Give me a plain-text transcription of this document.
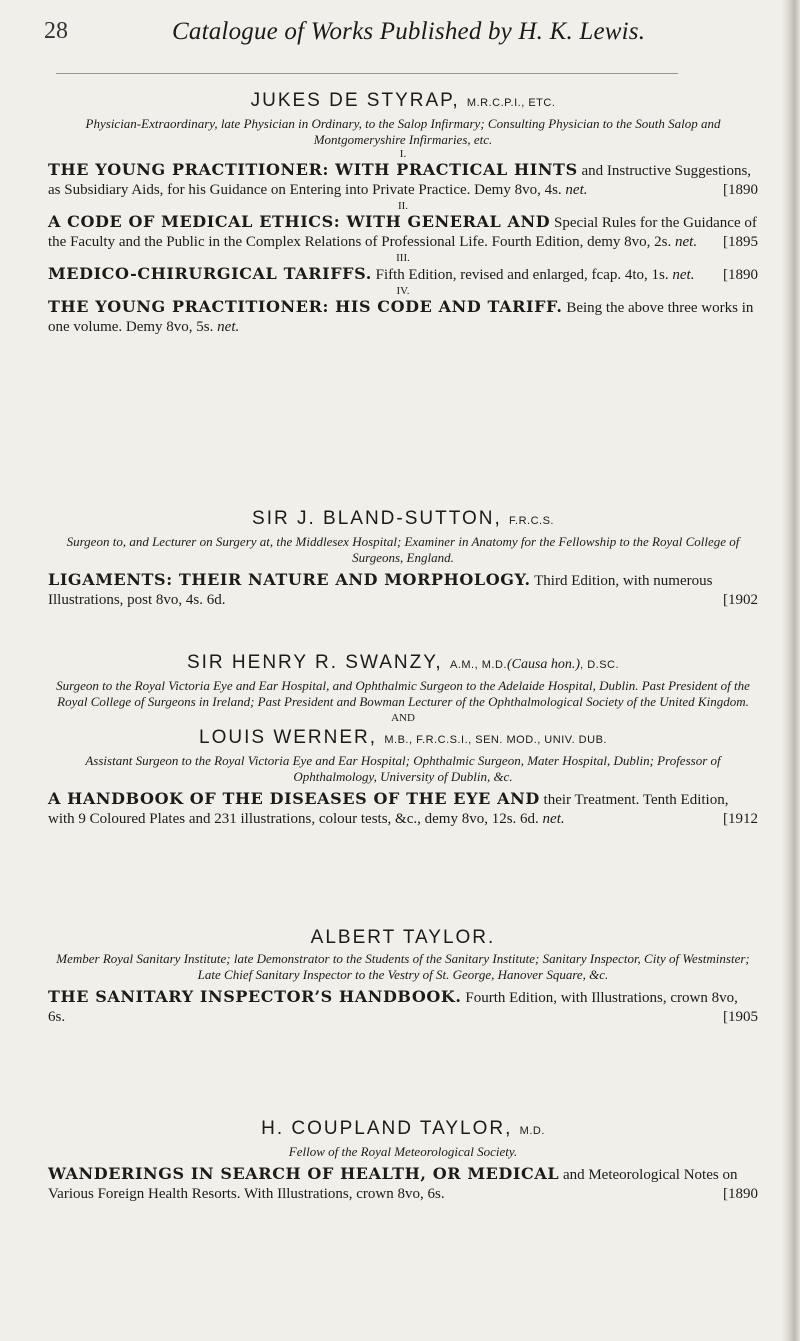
28	Catalogue of Works Published by H. K. Lewis.

JUKES DE STYRAP, M.R.C.P.I., ETC.

Physician-Extraordinary, late Physician in Ordinary, to the Salop Infirmary; Consulting Physician to the South Salop and Montgomeryshire Infirmaries, etc.

I.

THE YOUNG PRACTITIONER: WITH PRACTICAL HINTS and Instructive Suggestions, as Subsidiary Aids, for his Guidance on Entering into Private Practice. Demy 8vo, 4s. net.	[1890

II.

A CODE OF MEDICAL ETHICS: WITH GENERAL AND Special Rules for the Guidance of the Faculty and the Public in the Complex Relations of Professional Life. Fourth Edition, demy 8vo, 2s. net. [1895

III.

MEDICO-CHIRURGICAL TARIFFS. Fifth Edition, revised and enlarged, fcap. 4to, 1s. net. [1890

IV.

THE YOUNG PRACTITIONER: HIS CODE AND TARIFF. Being the above three works in one volume. Demy 8vo, 5s. net.

SIR J. BLAND-SUTTON, F.R.C.S.

Surgeon to, and Lecturer on Surgery at, the Middlesex Hospital; Examiner in Anatomy for the Fellowship to the Royal College of Surgeons, England.

LIGAMENTS: THEIR NATURE AND MORPHOLOGY. Third Edition, with numerous Illustrations, post 8vo, 4s. 6d.	[1902

SIR HENRY R. SWANZY, A.M., M.D.(Causa hon.), D.SC.

Surgeon to the Royal Victoria Eye and Ear Hospital, and Ophthalmic Surgeon to the Adelaide Hospital, Dublin. Past President of the Royal College of Surgeons in Ireland; Past President and Bowman Lecturer of the Ophthalmological Society of the United Kingdom.

AND

LOUIS WERNER, M.B., F.R.C.S.I., SEN. MOD., UNIV. DUB.

Assistant Surgeon to the Royal Victoria Eye and Ear Hospital; Ophthalmic Surgeon, Mater Hospital, Dublin; Professor of Ophthalmology, University of Dublin, &c.

A HANDBOOK OF THE DISEASES OF THE EYE AND their Treatment. Tenth Edition, with 9 Coloured Plates and 231 illustrations, colour tests, &c., demy 8vo, 12s. 6d. net.	[1912

ALBERT TAYLOR.

Member Royal Sanitary Institute; late Demonstrator to the Students of the Sanitary Institute; Sanitary Inspector, City of Westminster; Late Chief Sanitary Inspector to the Vestry of St. George, Hanover Square, &c.

THE SANITARY INSPECTOR’S HANDBOOK. Fourth Edition, with Illustrations, crown 8vo, 6s.	[1905

H. COUPLAND TAYLOR, M.D.

Fellow of the Royal Meteorological Society.

WANDERINGS IN SEARCH OF HEALTH, OR MEDICAL and Meteorological Notes on Various Foreign Health Resorts. With Illustrations, crown 8vo, 6s.	[1890
